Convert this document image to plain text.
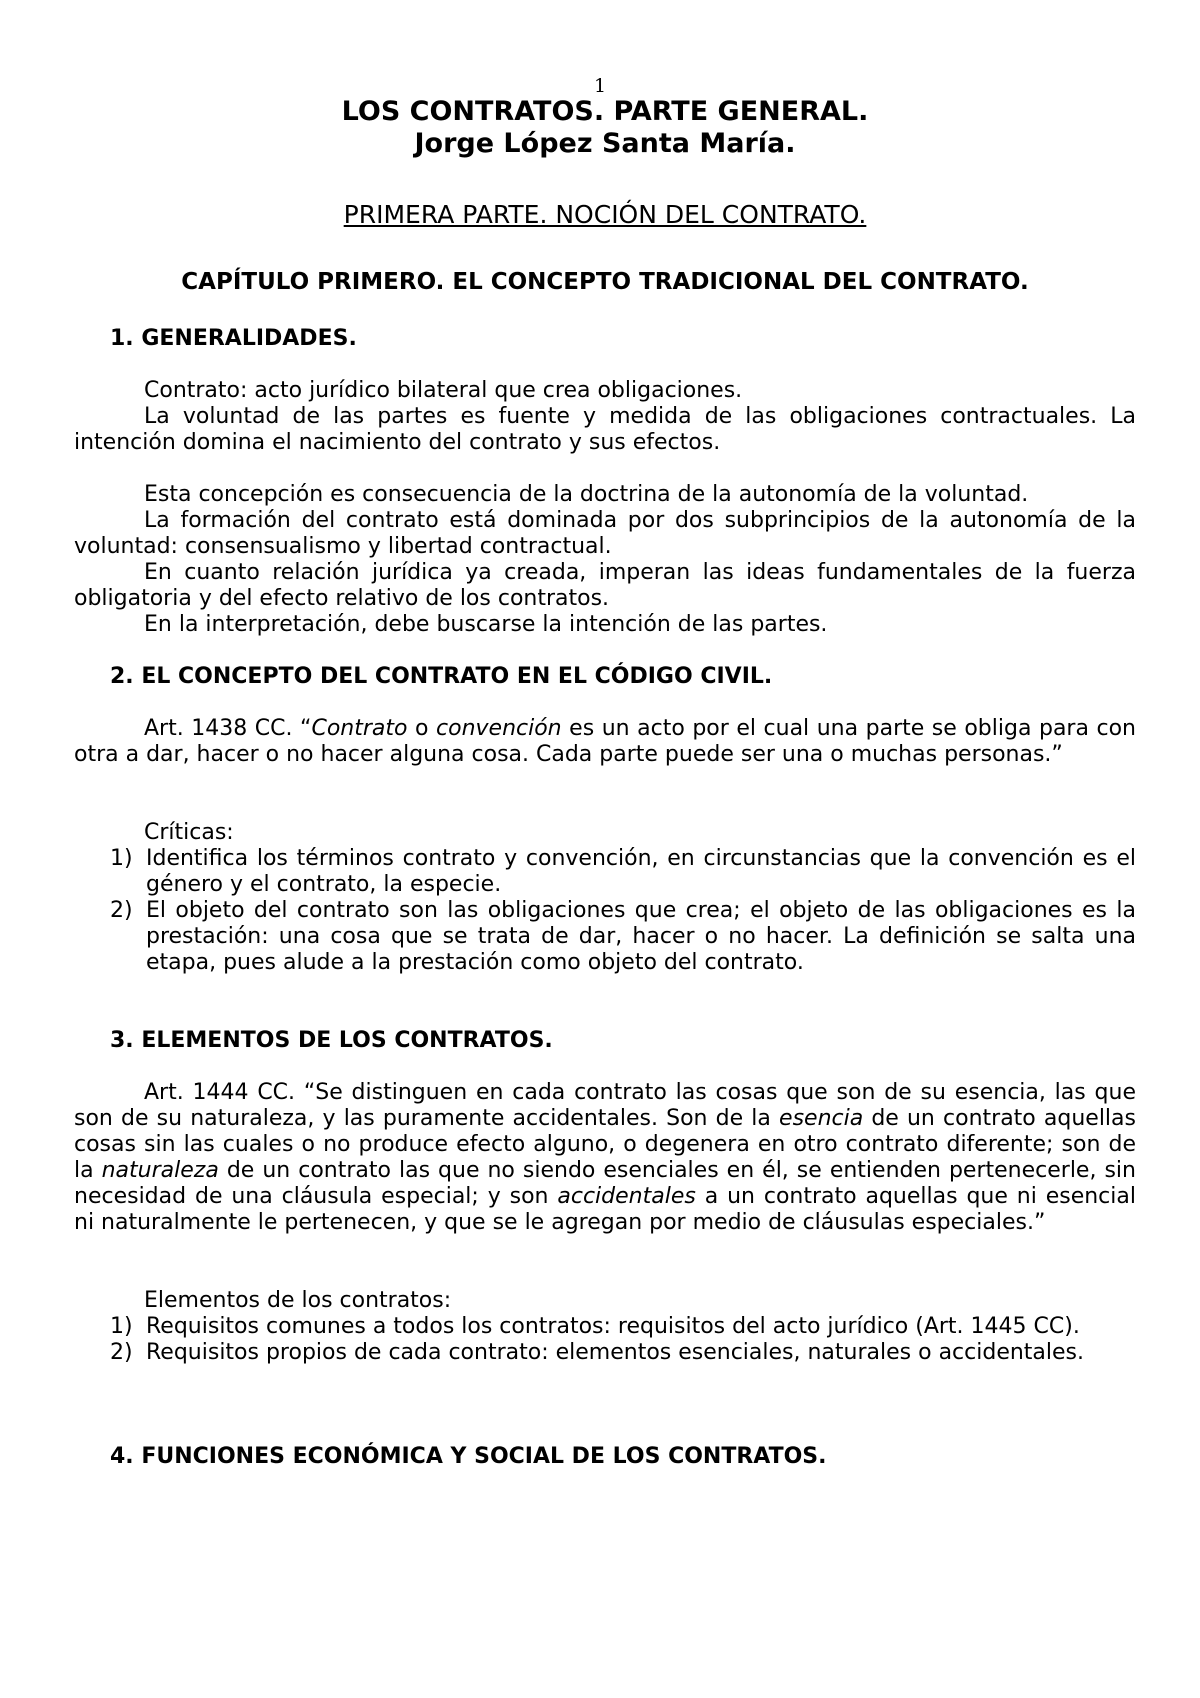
1
LOS CONTRATOS. PARTE GENERAL.
Jorge López Santa María.
PRIMERA PARTE. NOCIÓN DEL CONTRATO.
CAPÍTULO PRIMERO. EL CONCEPTO TRADICIONAL DEL CONTRATO.
1. GENERALIDADES.

Contrato: acto jurídico bilateral que crea obligaciones.

La voluntad de las partes es fuente y medida de las obligaciones contractuales. La intención domina el nacimiento del contrato y sus efectos.

Esta concepción es consecuencia de la doctrina de la autonomía de la voluntad.

La formación del contrato está dominada por dos subprincipios de la autonomía de la voluntad: consensualismo y libertad contractual.

En cuanto relación jurídica ya creada, imperan las ideas fundamentales de la fuerza obligatoria y del efecto relativo de los contratos.

En la interpretación, debe buscarse la intención de las partes.

2. EL CONCEPTO DEL CONTRATO EN EL CÓDIGO CIVIL.

Art. 1438 CC. “Contrato o convención es un acto por el cual una parte se obliga para con otra a dar, hacer o no hacer alguna cosa. Cada parte puede ser una o muchas personas.”

Críticas:

1) Identifica los términos contrato y convención, en circunstancias que la convención es el género y el contrato, la especie.
2) El objeto del contrato son las obligaciones que crea; el objeto de las obligaciones es la prestación: una cosa que se trata de dar, hacer o no hacer. La definición se salta una etapa, pues alude a la prestación como objeto del contrato.
3. ELEMENTOS DE LOS CONTRATOS.

Art. 1444 CC. “Se distinguen en cada contrato las cosas que son de su esencia, las que son de su naturaleza, y las puramente accidentales. Son de la esencia de un contrato aquellas cosas sin las cuales o no produce efecto alguno, o degenera en otro contrato diferente; son de la naturaleza de un contrato las que no siendo esenciales en él, se entienden pertenecerle, sin necesidad de una cláusula especial; y son accidentales a un contrato aquellas que ni esencial ni naturalmente le pertenecen, y que se le agregan por medio de cláusulas especiales.”

Elementos de los contratos:

1) Requisitos comunes a todos los contratos: requisitos del acto jurídico (Art. 1445 CC).
2) Requisitos propios de cada contrato: elementos esenciales, naturales o accidentales.
4. FUNCIONES ECONÓMICA Y SOCIAL DE LOS CONTRATOS.
